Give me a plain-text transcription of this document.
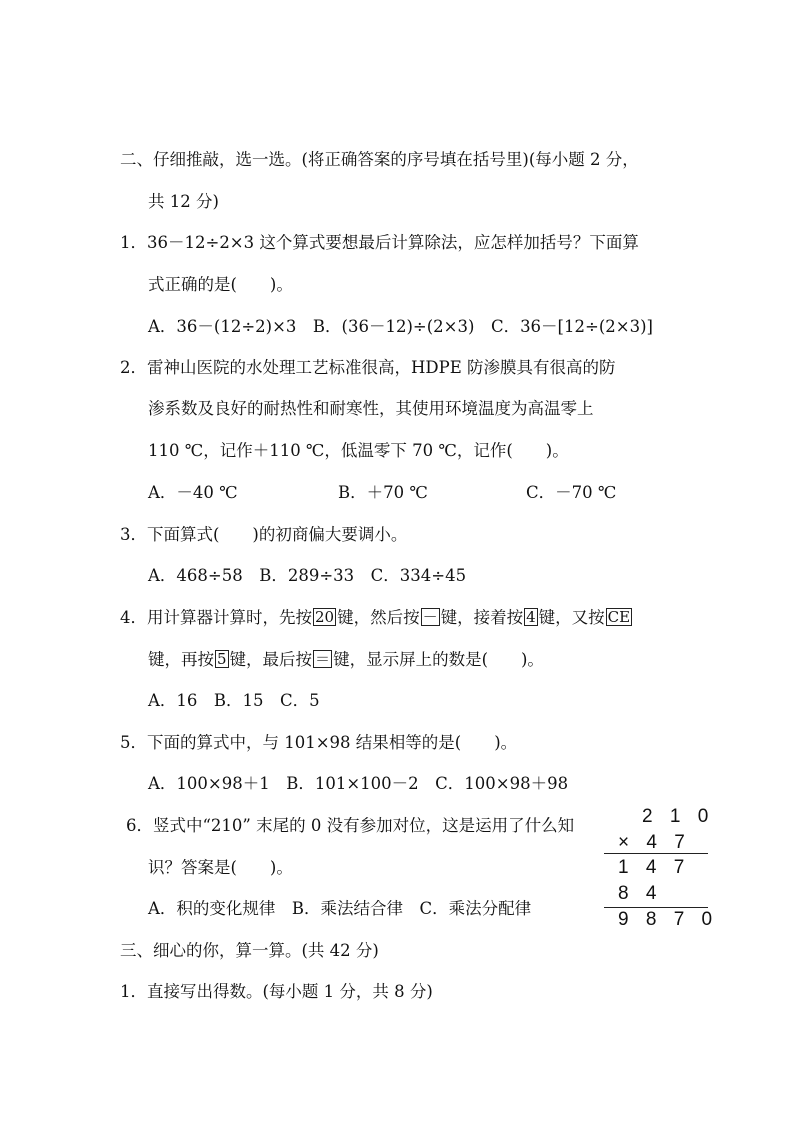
二、仔细推敲，选一选。(将正确答案的序号填在括号里)(每小题 2 分，
共 12 分)
1．36－12÷2×3 这个算式要想最后计算除法，应怎样加括号？下面算
式正确的是(　　)。
A．36－(12÷2)×3　B．(36－12)÷(2×3)　C．36－[12÷(2×3)]
2．雷神山医院的水处理工艺标准很高，HDPE 防渗膜具有很高的防
渗系数及良好的耐热性和耐寒性，其使用环境温度为高温零上
110 ℃，记作＋110 ℃，低温零下 70 ℃，记作(　　)。
A．－40 ℃	B．＋70 ℃	C．－70 ℃
3．下面算式(　　)的初商偏大要调小。
A．468÷58　B．289÷33　C．334÷45
4．用计算器计算时，先按 20 键，然后按 － 键，接着按 4 键，又按 CE
键，再按 5 键，最后按 ＝ 键，显示屏上的数是(　　)。
A．16　B．15　C．5
5．下面的算式中，与 101×98 结果相等的是(　　)。
A．100×98＋1　B．101×100－2　C．100×98＋98
6．竖式中“210” 末尾的 0 没有参加对位，这是运用了什么知
识？答案是(　　)。
A．积的变化规律　B．乘法结合律　C．乘法分配律
2 1 0
× 4 7
1 4 7
8 4
9 8 7 0
三、细心的你，算一算。(共 42 分)
1．直接写出得数。(每小题 1 分，共 8 分)
